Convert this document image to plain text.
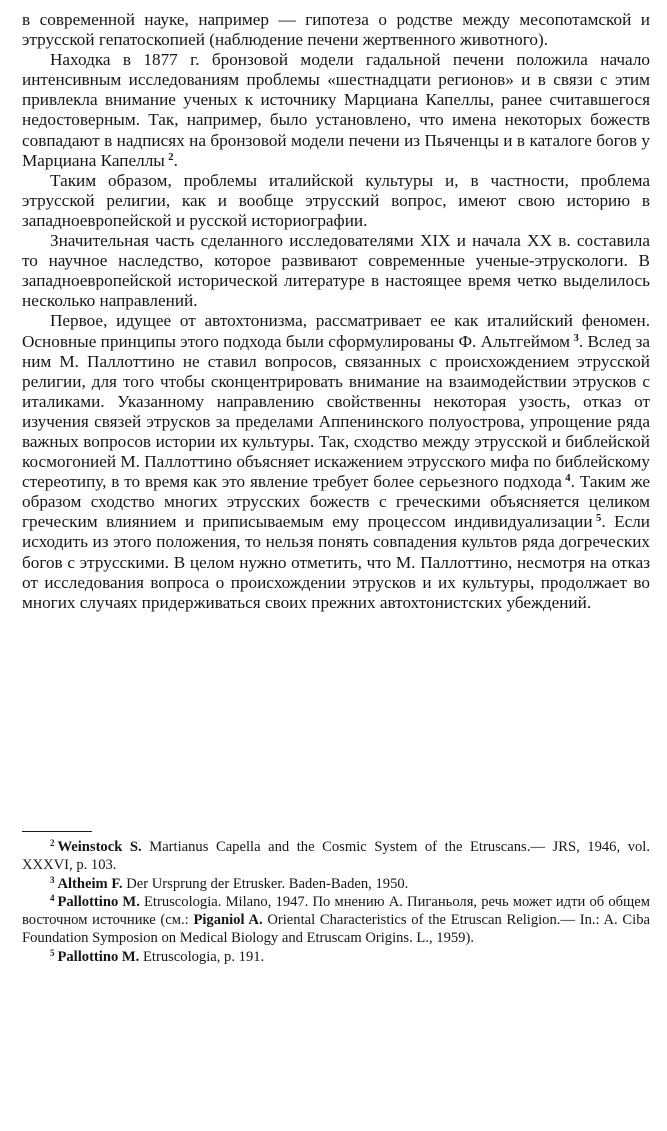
в современной науке, например — гипотеза о родстве между месопотамской и этрусской гепатоскопией (наблюдение печени жертвенного животного).

Находка в 1877 г. бронзовой модели гадальной печени положила начало интенсивным исследованиям проблемы «шестнадцати регионов» и в связи с этим привлекла внимание ученых к источнику Марциана Капеллы, ранее считавшегося недостоверным. Так, например, было установлено, что имена некоторых божеств совпадают в надписях на бронзовой модели печени из Пьяченцы и в каталоге богов у Марциана Капеллы  $^2$.

Таким образом, проблемы италийской культуры и, в частности, проблема этрусской религии, как и вообще этрусский вопрос, имеют свою историю в западноевропейской и русской историографии.

Значительная часть сделанного исследователями XIX и начала XX в. составила то научное наследство, которое развивают современные ученые-этрускологи. В западноевропейской исторической литературе в настоящее время четко выделилось несколько направлений.

Первое, идущее от автохтонизма, рассматривает ее как италийский феномен. Основные принципы этого подхода были сформулированы Ф. Альтгеймом  $^3$. Вслед за ним М. Паллоттино не ставил вопросов, связанных с происхождением этрусской религии, для того чтобы сконцентрировать внимание на взаимодействии этрусков с италиками. Указанному направлению свойственны некоторая узость, отказ от изучения связей этрусков за пределами Аппенинского полуострова, упрощение ряда важных вопросов истории их культуры. Так, сходство между этрусской и библейской космогонией М. Паллоттино объясняет искажением этрусского мифа по библейскому стереотипу, в то время как это явление требует более серьезного подхода  $^4$. Таким же образом сходство многих этрусских божеств с греческими объясняется целиком греческим влиянием и приписываемым ему процессом индивидуализации  $^5$. Если исходить из этого положения, то нельзя понять совпадения культов ряда догреческих богов с этрусскими. В целом нужно отметить, что М. Паллоттино, несмотря на отказ от исследования вопроса о происхождении этрусков и их культуры, продолжает во многих случаях придерживаться своих прежних автохтонистских убеждений.

$^2$  Weinstock S. Martianus Capella and the Cosmic System of the Etruscans.— JRS, 1946, vol. XXXVI, p. 103.

$^3$  Altheim F. Der Ursprung der Etrusker. Baden-Baden, 1950.

$^4$  Pallottino M. Etruscologia. Milano, 1947. По мнению А. Пиганьоля, речь может идти об общем восточном источнике (см.: Piganiol A. Oriental Characteristics of the Etruscan Religion.— In.: A. Ciba Foundation Symposion on Medical Biology and Etruscam Origins. L., 1959).

$^5$  Pallottino M. Etruscologia, p. 191.
